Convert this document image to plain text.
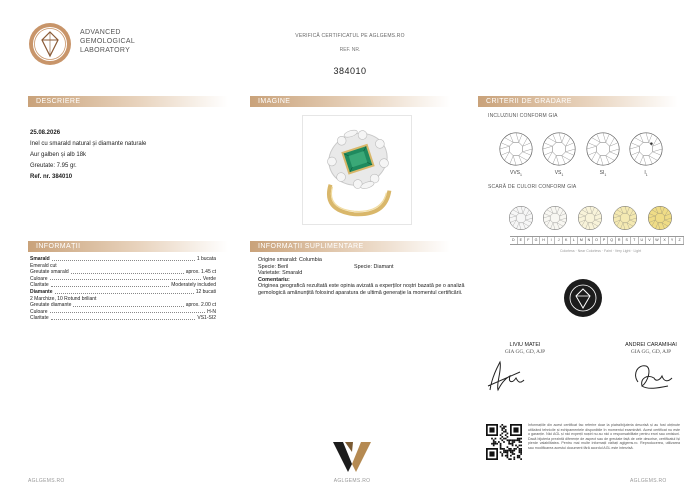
ADVANCED
GEMOLOGICAL
LABORATORY
VERIFICĂ CERTIFICATUL PE AGLGEMS.RO
REF. NR.
384010
DESCRIERE	IMAGINE	CRITERII DE GRADARE
INFORMAȚII	INFORMAȚII SUPLIMENTARE
25.08.2026
Inel cu smarald natural și diamante naturale
Aur galben și alb 18k
Greutate: 7.95 gr.
Ref. nr. 384010
Smarald	1 bucata
Emerald cut
Greutate smarald	aprox. 1.45 ct
Culoare	Verde
Claritate	Moderately included
Diamante	12 bucati
2 Marchize, 10 Rotund briliant
Greutate diamante	aprox. 2.00 ct
Culoare	H-N
Claritate	VS1-SI2
Origine smarald: Columbia
Specie: Beril	Specie: Diamant
Varietate: Smarald
Comentariu:
Originea geografică rezultată este opinia avizată a experților noștri bazată pe o analiză gemologică amănunțită folosind aparatura de ultimă generație la momentul certificării.
INCLUZIUNI CONFORM GIA
$VVS_1$	$VS_1$	$SI_1$	$I_1$
SCARĂ DE CULORI CONFORM GIA
D	E	F	G	H	I	J	K	L	M	N	O	P	Q	R	S	T	U	V	W	X	Y	Z
Colorless · Near Colorless · Faint · Very Light · Light
LIVIU MATEI
GIA GG, GD, AJP
ANDREI CARAMIHAI
GIA GG, GD, AJP
Informațiile din acest certificat fac referire doar la piatra/bijuteria descrisă și au fost obținute utilizând tehnicile și echipamentele disponibile în momentul examinării. Acest certificat nu este o garanție. Nici AGL și nici experții noștri nu au nici o responsabilitate pentru erori sau omisiuni. Dacă bijuteria prezintă diferențe de aspect sau de greutate față de cele descrise, certificatul își pierde valabilitatea. Pentru mai multe informații vizitați aglgems.ro. Reproducerea, utilizarea sau modificarea acestui document fără acordul AGL este interzisă.
AGLGEMS.RO	AGLGEMS.RO	AGLGEMS.RO
